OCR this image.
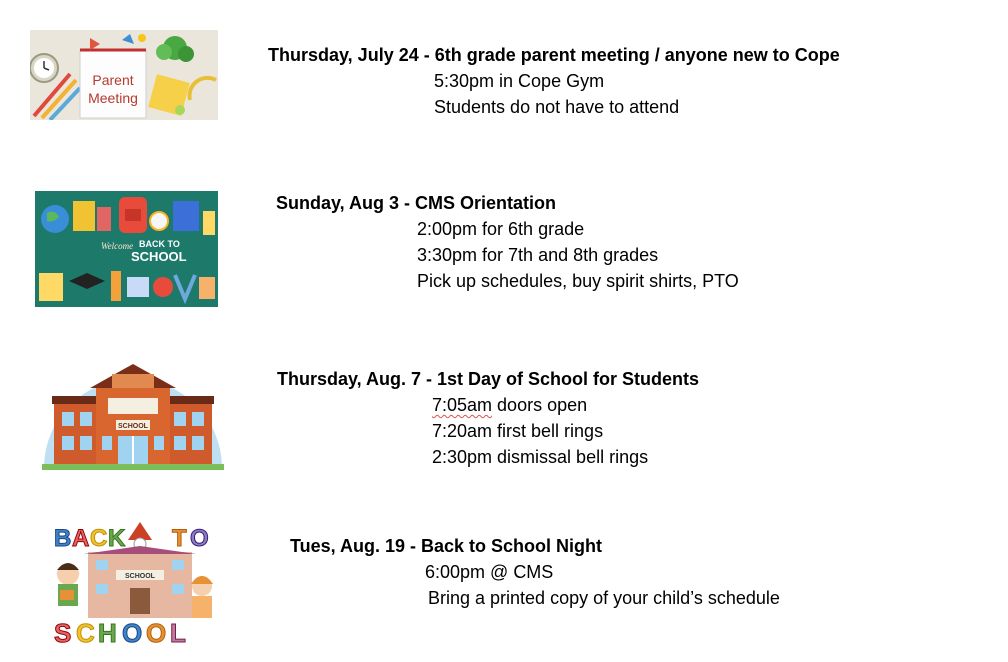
Parent
Meeting
Thursday, July 24 - 6th grade parent meeting / anyone new to Cope
5:30pm in Cope Gym
Students do not have to attend
Welcome BACK TO
SCHOOL
Sunday, Aug 3 - CMS Orientation
2:00pm for 6th grade
3:30pm for 7th and 8th grades
Pick up schedules, buy spirit shirts, PTO
SCHOOL
Thursday, Aug. 7 - 1st Day of School for Students
7:05am doors open
7:20am first bell rings
2:30pm dismissal bell rings
B A C K T O
SCHOOL
S C H O O L
Tues, Aug. 19 - Back to School Night
6:00pm @ CMS
Bring a printed copy of your child’s schedule
